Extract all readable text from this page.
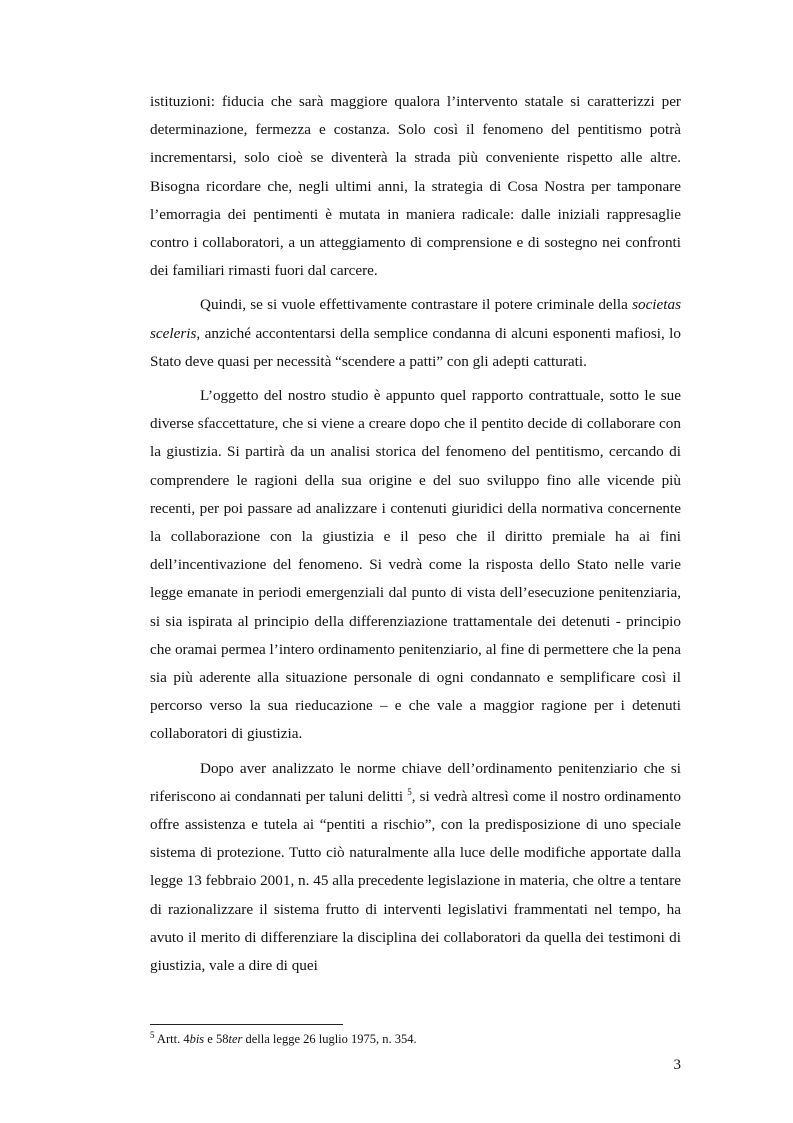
istituzioni: fiducia che sarà maggiore qualora l’intervento statale si caratterizzi per determinazione, fermezza e costanza. Solo così il fenomeno del pentitismo potrà incrementarsi, solo cioè se diventerà la strada più conveniente rispetto alle altre. Bisogna ricordare che, negli ultimi anni, la strategia di Cosa Nostra per tamponare l’emorragia dei pentimenti è mutata in maniera radicale: dalle iniziali rappresaglie contro i collaboratori, a un atteggiamento di comprensione e di sostegno nei confronti dei familiari rimasti fuori dal carcere.

Quindi, se si vuole effettivamente contrastare il potere criminale della societas sceleris, anziché accontentarsi della semplice condanna di alcuni esponenti mafiosi, lo Stato deve quasi per necessità “scendere a patti” con gli adepti catturati.

L’oggetto del nostro studio è appunto quel rapporto contrattuale, sotto le sue diverse sfaccettature, che si viene a creare dopo che il pentito decide di collaborare con la giustizia. Si partirà da un analisi storica del fenomeno del pentitismo, cercando di comprendere le ragioni della sua origine e del suo sviluppo fino alle vicende più recenti, per poi passare ad analizzare i contenuti giuridici della normativa concernente la collaborazione con la giustizia e il peso che il diritto premiale ha ai fini dell’incentivazione del fenomeno. Si vedrà come la risposta dello Stato nelle varie legge emanate in periodi emergenziali dal punto di vista dell’esecuzione penitenziaria, si sia ispirata al principio della differenziazione trattamentale dei detenuti - principio che oramai permea l’intero ordinamento penitenziario, al fine di permettere che la pena sia più aderente alla situazione personale di ogni condannato e semplificare così il percorso verso la sua rieducazione – e che vale a maggior ragione per i detenuti collaboratori di giustizia.

Dopo aver analizzato le norme chiave dell’ordinamento penitenziario che si riferiscono ai condannati per taluni delitti $^5$, si vedrà altresì come il nostro ordinamento offre assistenza e tutela ai “pentiti a rischio”, con la predisposizione di uno speciale sistema di protezione. Tutto ciò naturalmente alla luce delle modifiche apportate dalla legge 13 febbraio 2001, n. 45 alla precedente legislazione in materia, che oltre a tentare di razionalizzare il sistema frutto di interventi legislativi frammentati nel tempo, ha avuto il merito di differenziare la disciplina dei collaboratori da quella dei testimoni di giustizia, vale a dire di quei

$^5$ Artt. 4bis e 58ter della legge 26 luglio 1975, n. 354.
3
